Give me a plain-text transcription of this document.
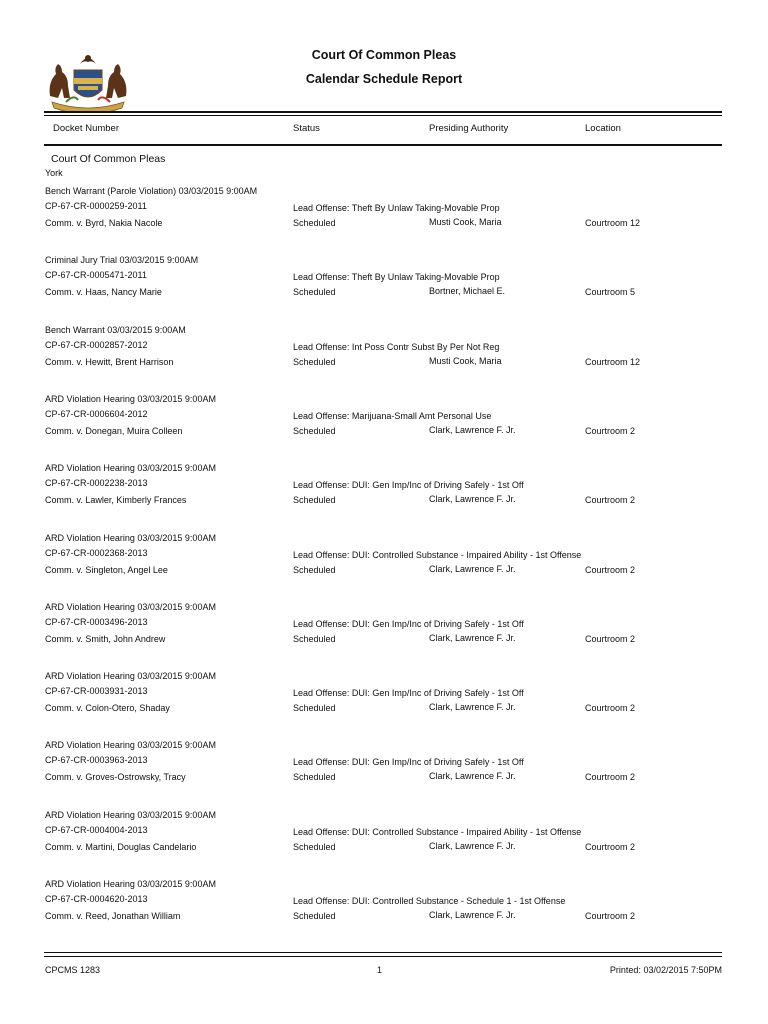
Court Of Common Pleas
Calendar Schedule Report
Docket Number	Status	Presiding Authority	Location
Court Of Common Pleas
York
Bench Warrant (Parole Violation) 03/03/2015 9:00AM
CP-67-CR-0000259-2011
Comm. v. Byrd, Nakia Nacole
Lead Offense: Theft By Unlaw Taking-Movable Prop
Scheduled	Musti Cook, Maria	Courtroom 12
Criminal Jury Trial 03/03/2015 9:00AM
CP-67-CR-0005471-2011
Comm. v. Haas, Nancy Marie
Lead Offense: Theft By Unlaw Taking-Movable Prop
Scheduled	Bortner, Michael E.	Courtroom 5
Bench Warrant 03/03/2015 9:00AM
CP-67-CR-0002857-2012
Comm. v. Hewitt, Brent Harrison
Lead Offense: Int Poss Contr Subst By Per Not Reg
Scheduled	Musti Cook, Maria	Courtroom 12
ARD Violation Hearing 03/03/2015 9:00AM
CP-67-CR-0006604-2012
Comm. v. Donegan, Muira Colleen
Lead Offense: Marijuana-Small Amt Personal Use
Scheduled	Clark, Lawrence F. Jr.	Courtroom 2
ARD Violation Hearing 03/03/2015 9:00AM
CP-67-CR-0002238-2013
Comm. v. Lawler, Kimberly Frances
Lead Offense: DUI: Gen Imp/Inc of Driving Safely - 1st Off
Scheduled	Clark, Lawrence F. Jr.	Courtroom 2
ARD Violation Hearing 03/03/2015 9:00AM
CP-67-CR-0002368-2013
Comm. v. Singleton, Angel Lee
Lead Offense: DUI: Controlled Substance - Impaired Ability - 1st Offense
Scheduled	Clark, Lawrence F. Jr.	Courtroom 2
ARD Violation Hearing 03/03/2015 9:00AM
CP-67-CR-0003496-2013
Comm. v. Smith, John Andrew
Lead Offense: DUI: Gen Imp/Inc of Driving Safely - 1st Off
Scheduled	Clark, Lawrence F. Jr.	Courtroom 2
ARD Violation Hearing 03/03/2015 9:00AM
CP-67-CR-0003931-2013
Comm. v. Colon-Otero, Shaday
Lead Offense: DUI: Gen Imp/Inc of Driving Safely - 1st Off
Scheduled	Clark, Lawrence F. Jr.	Courtroom 2
ARD Violation Hearing 03/03/2015 9:00AM
CP-67-CR-0003963-2013
Comm. v. Groves-Ostrowsky, Tracy
Lead Offense: DUI: Gen Imp/Inc of Driving Safely - 1st Off
Scheduled	Clark, Lawrence F. Jr.	Courtroom 2
ARD Violation Hearing 03/03/2015 9:00AM
CP-67-CR-0004004-2013
Comm. v. Martini, Douglas Candelario
Lead Offense: DUI: Controlled Substance - Impaired Ability - 1st Offense
Scheduled	Clark, Lawrence F. Jr.	Courtroom 2
ARD Violation Hearing 03/03/2015 9:00AM
CP-67-CR-0004620-2013
Comm. v. Reed, Jonathan William
Lead Offense: DUI: Controlled Substance - Schedule 1 - 1st Offense
Scheduled	Clark, Lawrence F. Jr.	Courtroom 2
CPCMS 1283	1	Printed: 03/02/2015 7:50PM
